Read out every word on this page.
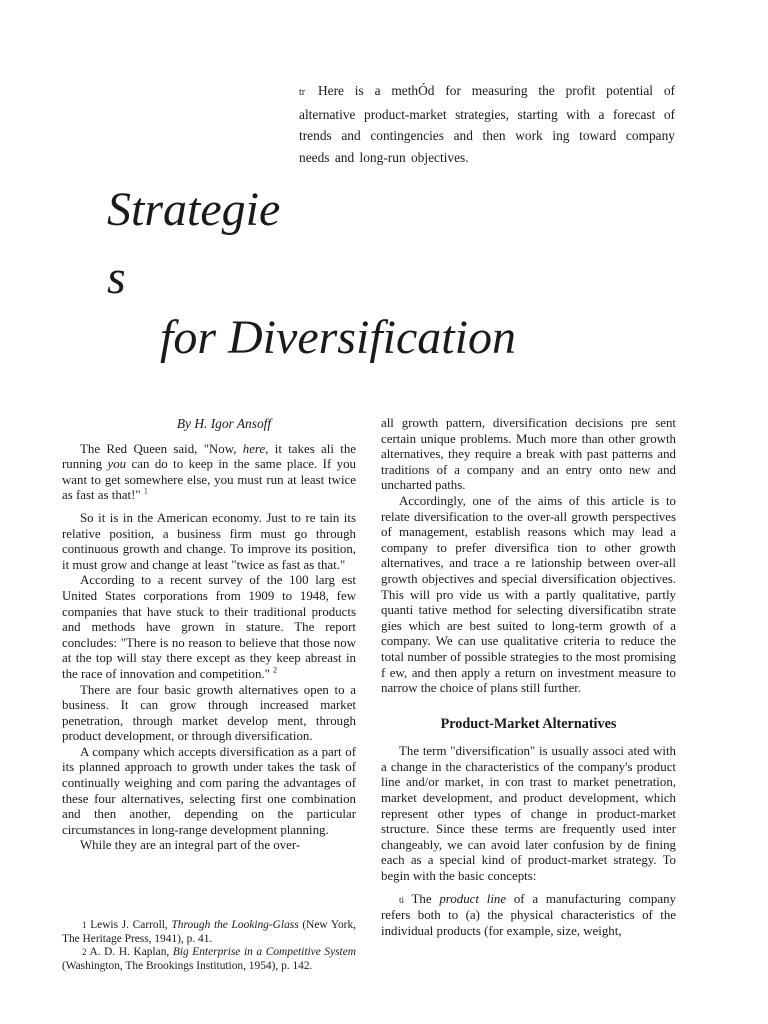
tr Here is a methÓd for measuring the profit potential of alternative product-market strategies, starting with a forecast of trends and contingencies and then work ing toward company needs and long-run objectives.

Strategie
s
for Diversification

By H. Igor Ansoff

The Red Queen said, "Now, here, it takes ali the running you can do to keep in the same place. If you want to get somewhere else, you must run at least twice as fast as that!" $^1$

So it is in the American economy. Just to re tain its relative position, a business firm must go through continuous growth and change. To improve its position, it must grow and change at least "twice as fast as that."

According to a recent survey of the 100 larg est United States corporations from 1909 to 1948, few companies that have stuck to their traditional products and methods have grown in stature. The report concludes: "There is no reason to believe that those now at the top will stay there except as they keep abreast in the race of innovation and competition." $^2$

There are four basic growth alternatives open to a business. It can grow through increased market penetration, through market develop ment, through product development, or through diversification.

A company which accepts diversification as a part of its planned approach to growth under takes the task of continually weighing and com paring the advantages of these four alternatives, selecting first one combination and then another, depending on the particular circumstances in long-range development planning.

While they are an integral part of the over-

1 Lewis J. Carroll, Through the Looking-Glass (New York, The Heritage Press, 1941), p. 41.

2 A. D. H. Kaplan, Big Enterprise in a Competitive System (Washington, The Brookings Institution, 1954), p. 142.

all growth pattern, diversification decisions pre sent certain unique problems. Much more than other growth alternatives, they require a break with past patterns and traditions of a company and an entry onto new and uncharted paths.

Accordingly, one of the aims of this article is to relate diversification to the over-all growth perspectives of management, establish reasons which may lead a company to prefer diversifica tion to other growth alternatives, and trace a re lationship between over-all growth objectives and special diversification objectives. This will pro vide us with a partly qualitative, partly quanti tative method for selecting diversificatibn strate gies which are best suited to long-term growth of a company. We can use qualitative criteria to reduce the total number of possible strategies to the most promising f ew, and then apply a return on investment measure to narrow the choice of plans still further.

Product-Market Alternatives

The term "diversification" is usually associ ated with a change in the characteristics of the company's product line and/or market, in con trast to market penetration, market development, and product development, which represent other types of change in product-market structure. Since these terms are frequently used inter changeably, we can avoid later confusion by de fining each as a special kind of product-market strategy. To begin with the basic concepts:

ti The product line of a manufacturing company refers both to (a) the physical characteristics of the individual products (for example, size, weight,
